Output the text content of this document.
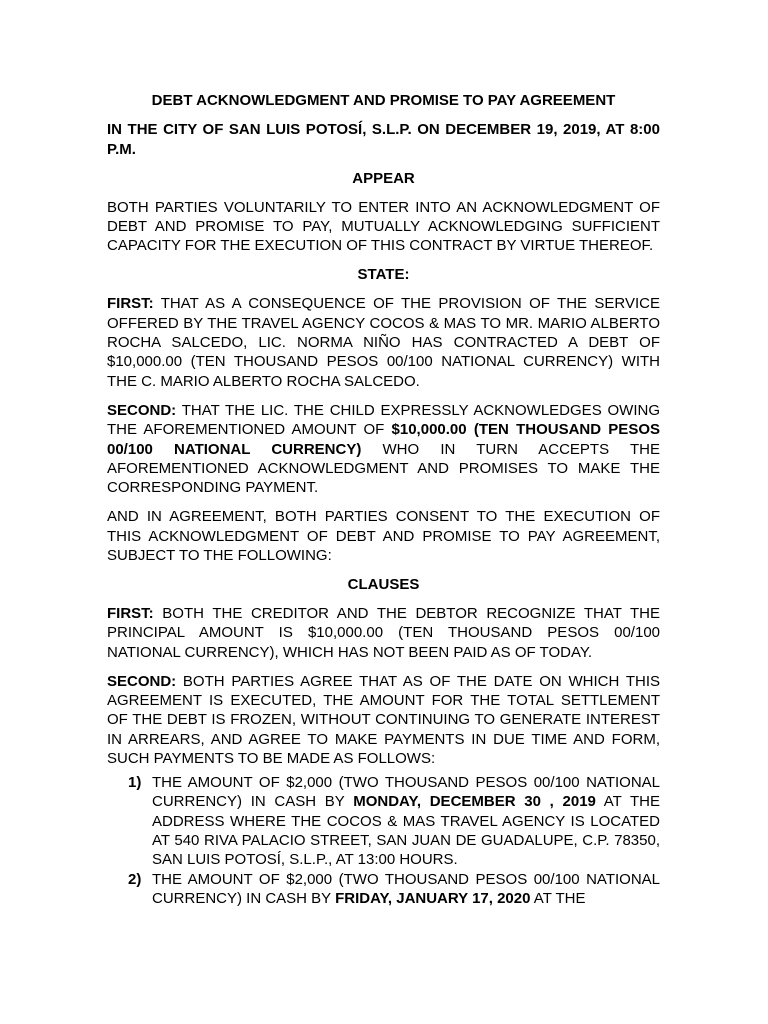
DEBT ACKNOWLEDGMENT AND PROMISE TO PAY AGREEMENT

IN THE CITY OF SAN LUIS POTOSÍ, S.L.P. ON DECEMBER 19, 2019, AT 8:00 P.M.

APPEAR

BOTH PARTIES VOLUNTARILY TO ENTER INTO AN ACKNOWLEDGMENT OF DEBT AND PROMISE TO PAY, MUTUALLY ACKNOWLEDGING SUFFICIENT CAPACITY FOR THE EXECUTION OF THIS CONTRACT BY VIRTUE THEREOF.

STATE:

FIRST: THAT AS A CONSEQUENCE OF THE PROVISION OF THE SERVICE OFFERED BY THE TRAVEL AGENCY COCOS & MAS TO MR. MARIO ALBERTO ROCHA SALCEDO, LIC. NORMA NIÑO HAS CONTRACTED A DEBT OF $10,000.00 (TEN THOUSAND PESOS 00/100 NATIONAL CURRENCY) WITH THE C. MARIO ALBERTO ROCHA SALCEDO.

SECOND: THAT THE LIC. THE CHILD EXPRESSLY ACKNOWLEDGES OWING THE AFOREMENTIONED AMOUNT OF $10,000.00 (TEN THOUSAND PESOS 00/100 NATIONAL CURRENCY) WHO IN TURN ACCEPTS THE AFOREMENTIONED ACKNOWLEDGMENT AND PROMISES TO MAKE THE CORRESPONDING PAYMENT.

AND IN AGREEMENT, BOTH PARTIES CONSENT TO THE EXECUTION OF THIS ACKNOWLEDGMENT OF DEBT AND PROMISE TO PAY AGREEMENT, SUBJECT TO THE FOLLOWING:

CLAUSES

FIRST: BOTH THE CREDITOR AND THE DEBTOR RECOGNIZE THAT THE PRINCIPAL AMOUNT IS $10,000.00 (TEN THOUSAND PESOS 00/100 NATIONAL CURRENCY), WHICH HAS NOT BEEN PAID AS OF TODAY.

SECOND: BOTH PARTIES AGREE THAT AS OF THE DATE ON WHICH THIS AGREEMENT IS EXECUTED, THE AMOUNT FOR THE TOTAL SETTLEMENT OF THE DEBT IS FROZEN, WITHOUT CONTINUING TO GENERATE INTEREST IN ARREARS, AND AGREE TO MAKE PAYMENTS IN DUE TIME AND FORM, SUCH PAYMENTS TO BE MADE AS FOLLOWS:

1) THE AMOUNT OF $2,000 (TWO THOUSAND PESOS 00/100 NATIONAL CURRENCY) IN CASH BY MONDAY, DECEMBER 30 , 2019 AT THE ADDRESS WHERE THE COCOS & MAS TRAVEL AGENCY IS LOCATED AT 540 RIVA PALACIO STREET, SAN JUAN DE GUADALUPE, C.P. 78350, SAN LUIS POTOSÍ, S.L.P., AT 13:00 HOURS.
2) THE AMOUNT OF $2,000 (TWO THOUSAND PESOS 00/100 NATIONAL CURRENCY) IN CASH BY FRIDAY, JANUARY 17, 2020 AT THE
